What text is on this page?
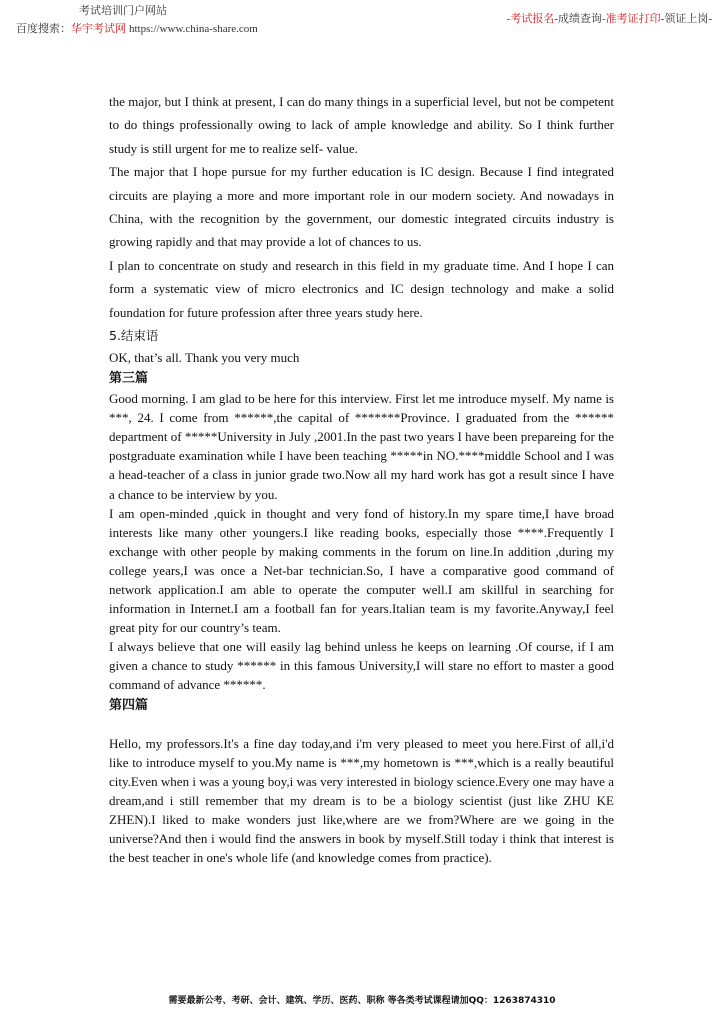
考试培训门户网站
百度搜索：华宇考试网 https://www.china-share.com
-考试报名-成绩查询-准考证打印-领证上岗-

the major, but I think at present, I can do many things in a superficial level, but not be competent to do things professionally owing to lack of ample knowledge and ability. So I think further study is still urgent for me to realize self- value.

The major that I hope pursue for my further education is IC design. Because I find integrated circuits are playing a more and more important role in our modern society. And nowadays in China, with the recognition by the government, our domestic integrated circuits industry is growing rapidly and that may provide a lot of chances to us.

I plan to concentrate on study and research in this field in my graduate time. And I hope I can form a systematic view of micro electronics and IC design technology and make a solid foundation for future profession after three years study here.

5.结束语

OK, that’s all. Thank you very much

第三篇

Good morning. I am glad to be here for this interview. First let me introduce myself. My name is ***, 24. I come from ******,the capital of *******Province. I graduated from the ****** department of *****University in July ,2001.In the past two years I have been prepareing for the postgraduate examination while I have been teaching *****in NO.****middle School and I was a head-teacher of a class in junior grade two.Now all my hard work has got a result since I have a chance to be interview by you.

I am open-minded ,quick in thought and very fond of history.In my spare time,I have broad interests like many other youngers.I like reading books, especially those ****.Frequently I exchange with other people by making comments in the forum on line.In addition ,during my college years,I was once a Net-bar technician.So, I have a comparative good command of network application.I am able to operate the computer well.I am skillful in searching for information in Internet.I am a football fan for years.Italian team is my favorite.Anyway,I feel great pity for our country’s team.

I always believe that one will easily lag behind unless he keeps on learning .Of course, if I am given a chance to study ****** in this famous University,I will stare no effort to master a good command of advance ******.

第四篇

Hello, my professors.It's a fine day today,and i'm very pleased to meet you here.First of all,i'd like to introduce myself to you.My name is ***,my hometown is ***,which is a really beautiful city.Even when i was a young boy,i was very interested in biology science.Every one may have a dream,and i still remember that my dream is to be a biology scientist (just like ZHU KE ZHEN).I liked to make wonders just like,where are we from?Where are we going in the universe?And then i would find the answers in book by myself.Still today i think that interest is the best teacher in one's whole life (and knowledge comes from practice).

需要最新公考、考研、会计、建筑、学历、医药、职称 等各类考试课程请加QQ：1263874310
